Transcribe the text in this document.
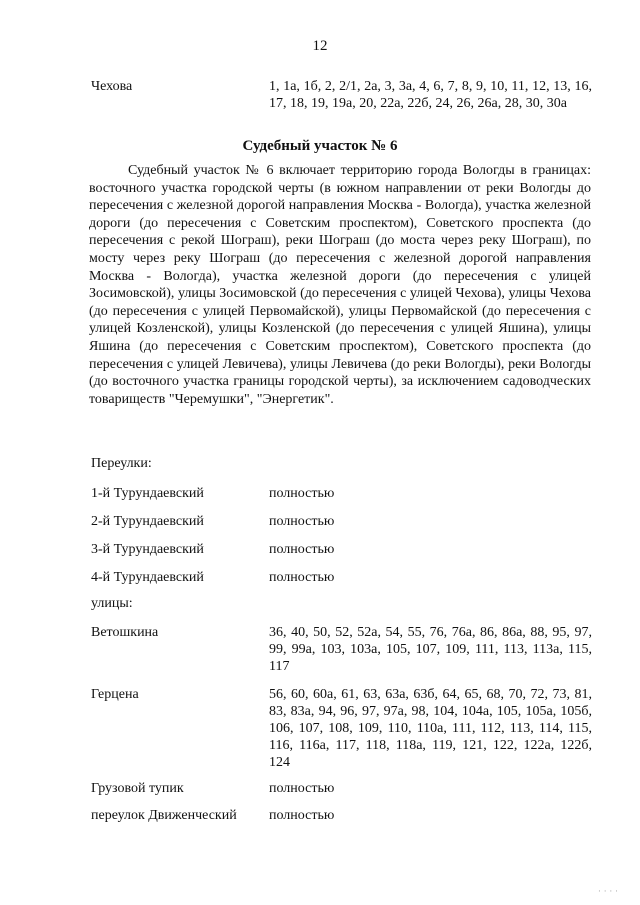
12
Чехова	1, 1а, 1б, 2, 2/1, 2а, 3, 3а, 4, 6, 7, 8, 9, 10, 11, 12, 13, 16, 17, 18, 19, 19а, 20, 22а, 22б, 24, 26, 26а, 28, 30, 30а
Судебный участок № 6

Судебный участок № 6 включает территорию города Вологды в границах: восточного участка городской черты (в южном направлении от реки Вологды до пересечения с железной дорогой направления Москва - Вологда), участка железной дороги (до пересечения с Советским проспектом), Советского проспекта (до пересечения с рекой Шограш), реки Шограш (до моста через реку Шограш), по мосту через реку Шограш (до пересечения с железной дорогой направления Москва - Вологда), участка железной дороги (до пересечения с улицей Зосимовской), улицы Зосимовской (до пересечения с улицей Чехова), улицы Чехова (до пересечения с улицей Первомайской), улицы Первомайской (до пересечения с улицей Козленской), улицы Козленской (до пересечения с улицей Яшина), улицы Яшина (до пересечения с Советским проспектом), Советского проспекта (до пересечения с улицей Левичева), улицы Левичева (до реки Вологды), реки Вологды (до восточного участка границы городской черты), за исключением садоводческих товариществ "Черемушки", "Энергетик".

Переулки:
1-й Турундаевский	полностью
2-й Турундаевский	полностью
3-й Турундаевский	полностью
4-й Турундаевский	полностью
улицы:
Ветошкина	36, 40, 50, 52, 52а, 54, 55, 76, 76а, 86, 86а, 88, 95, 97, 99, 99а, 103, 103а, 105, 107, 109, 111, 113, 113а, 115, 117
Герцена	56, 60, 60а, 61, 63, 63а, 63б, 64, 65, 68, 70, 72, 73, 81, 83, 83а, 94, 96, 97, 97а, 98, 104, 104а, 105, 105а, 105б, 106, 107, 108, 109, 110, 110а, 111, 112, 113, 114, 115, 116, 116а, 117, 118, 118а, 119, 121, 122, 122а, 122б, 124
Грузовой тупик	полностью
переулок Движенческий	полностью
· · · ·
